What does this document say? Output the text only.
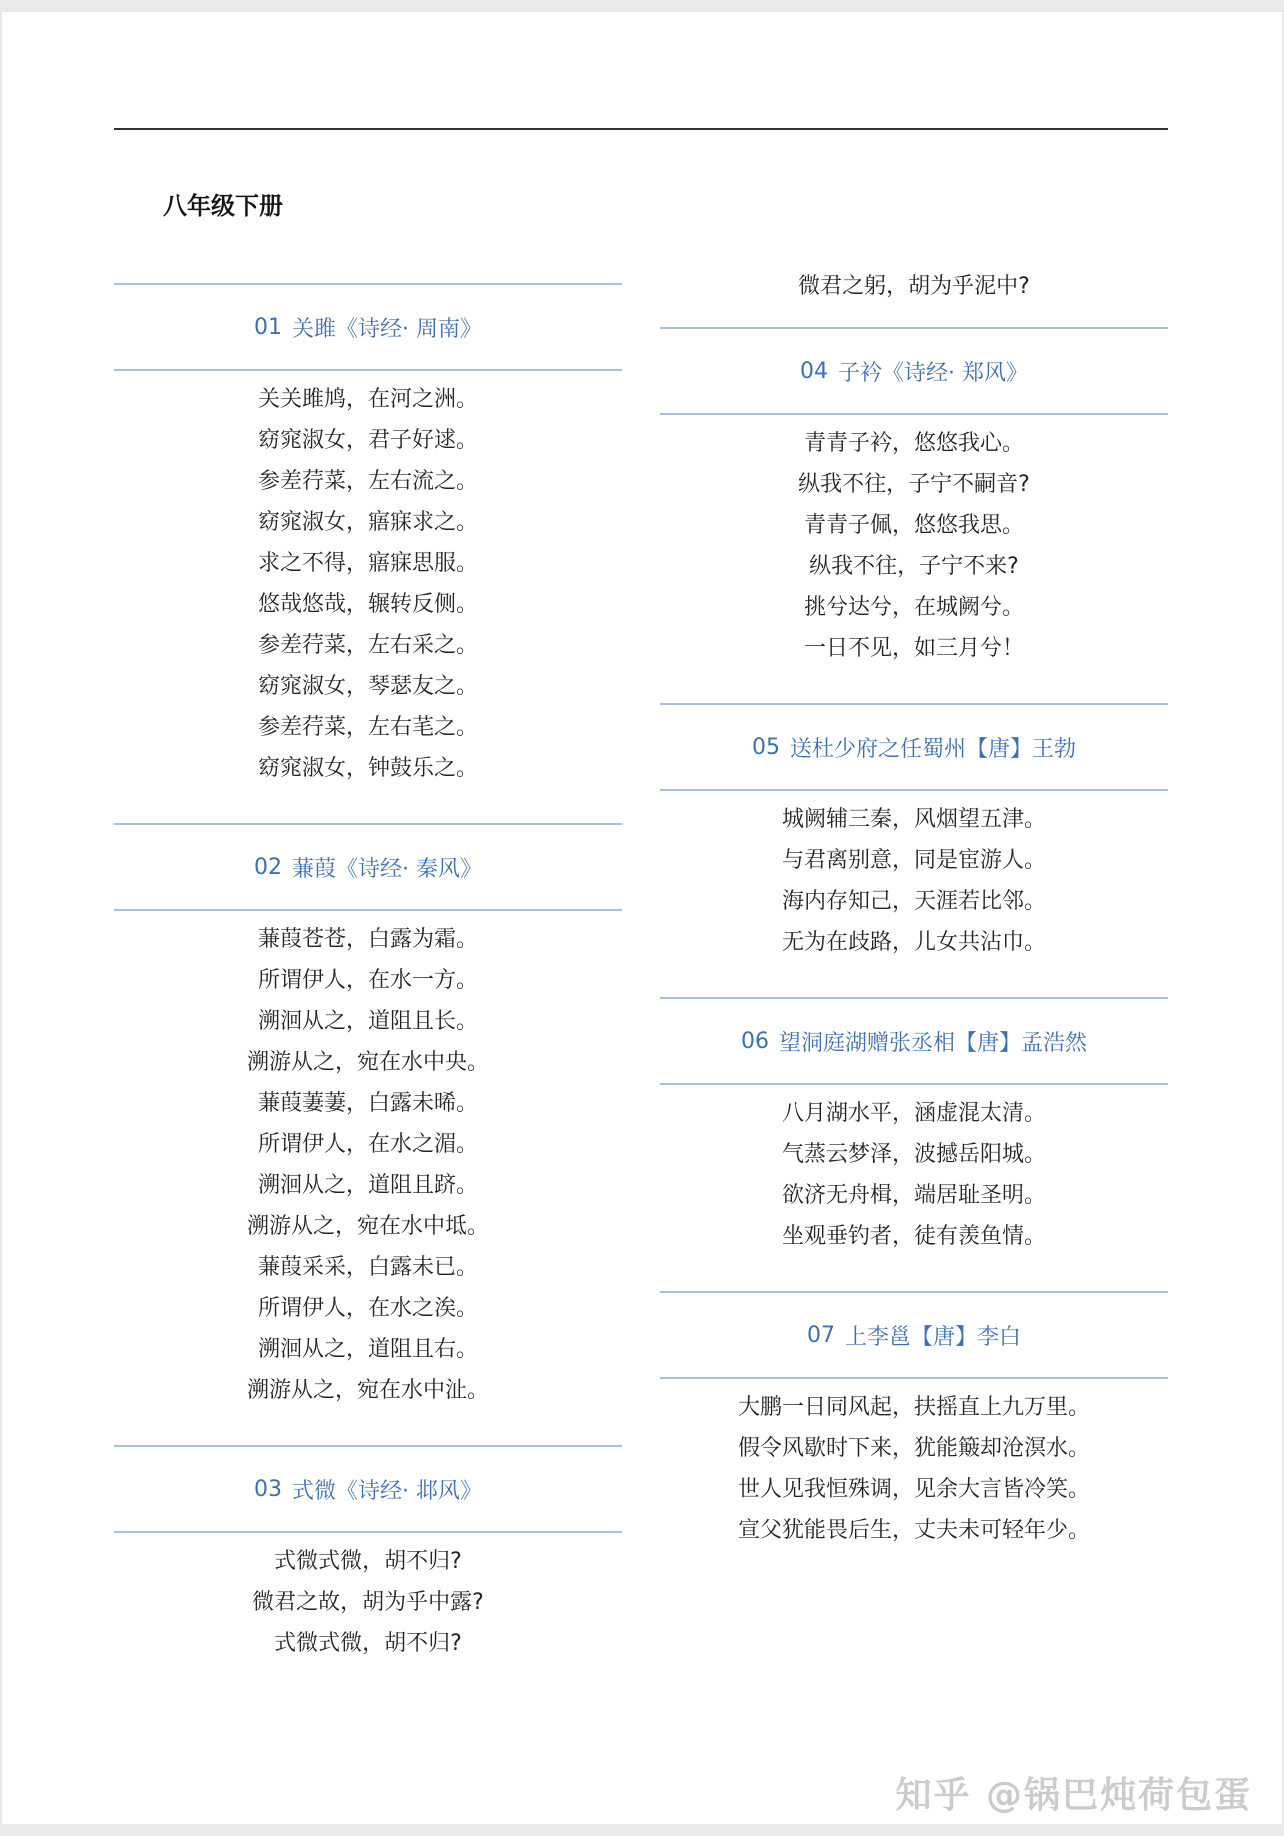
八年级下册
01 关雎《诗经· 周南》
关关雎鸠，在河之洲。
窈窕淑女，君子好逑。
参差荇菜，左右流之。
窈窕淑女，寤寐求之。
求之不得，寤寐思服。
悠哉悠哉，辗转反侧。
参差荇菜，左右采之。
窈窕淑女，琴瑟友之。
参差荇菜，左右芼之。
窈窕淑女，钟鼓乐之。
02 蒹葭《诗经· 秦风》
蒹葭苍苍，白露为霜。
所谓伊人，在水一方。
溯洄从之，道阻且长。
溯游从之，宛在水中央。
蒹葭萋萋，白露未晞。
所谓伊人，在水之湄。
溯洄从之，道阻且跻。
溯游从之，宛在水中坻。
蒹葭采采，白露未已。
所谓伊人，在水之涘。
溯洄从之，道阻且右。
溯游从之，宛在水中沚。
03 式微《诗经· 邶风》
式微式微，胡不归?
微君之故，胡为乎中露?
式微式微，胡不归?
微君之躬，胡为乎泥中?
04 子衿《诗经· 郑风》
青青子衿，悠悠我心。
纵我不往，子宁不嗣音?
青青子佩，悠悠我思。
纵我不往，子宁不来?
挑兮达兮，在城阙兮。
一日不见，如三月兮！
05 送杜少府之任蜀州【唐】王勃
城阙辅三秦，风烟望五津。
与君离别意，同是宦游人。
海内存知己，天涯若比邻。
无为在歧路，儿女共沾巾。
06 望洞庭湖赠张丞相【唐】孟浩然
八月湖水平，涵虚混太清。
气蒸云梦泽，波撼岳阳城。
欲济无舟楫，端居耻圣明。
坐观垂钓者，徒有羡鱼情。
07 上李邕【唐】李白
大鹏一日同风起，扶摇直上九万里。
假令风歇时下来，犹能簸却沧溟水。
世人见我恒殊调，见余大言皆冷笑。
宣父犹能畏后生，丈夫未可轻年少。
知乎 @锅巴炖荷包蛋
